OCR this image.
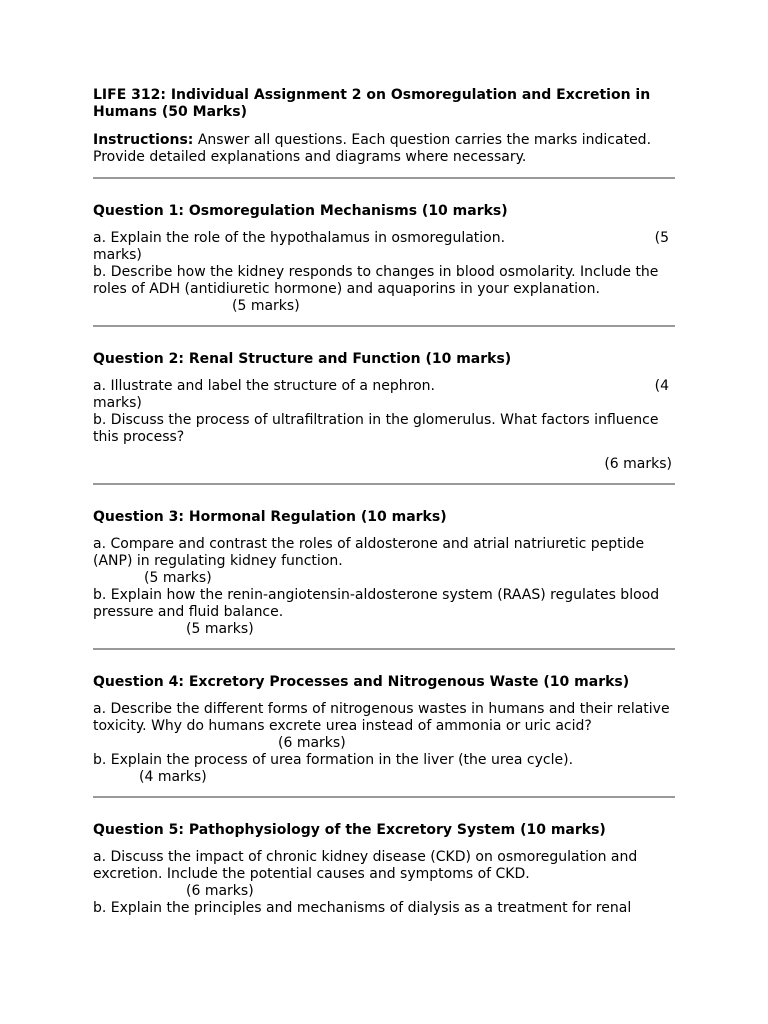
LIFE 312: Individual Assignment 2 on Osmoregulation and Excretion in Humans (50 Marks)

Instructions: Answer all questions. Each question carries the marks indicated. Provide detailed explanations and diagrams where necessary.

Question 1: Osmoregulation Mechanisms (10 marks)

a. Explain the role of the hypothalamus in osmoregulation.	(5

marks)

b. Describe how the kidney responds to changes in blood osmolarity. Include the roles of ADH (antidiuretic hormone) and aquaporins in your explanation.

(5 marks)

Question 2: Renal Structure and Function (10 marks)

a. Illustrate and label the structure of a nephron.	(4

marks)

b. Discuss the process of ultrafiltration in the glomerulus. What factors influence this process?

(6 marks)

Question 3: Hormonal Regulation (10 marks)

a. Compare and contrast the roles of aldosterone and atrial natriuretic peptide (ANP) in regulating kidney function.

(5 marks)

b. Explain how the renin-angiotensin-aldosterone system (RAAS) regulates blood pressure and fluid balance.

(5 marks)

Question 4: Excretory Processes and Nitrogenous Waste (10 marks)

a. Describe the different forms of nitrogenous wastes in humans and their relative toxicity. Why do humans excrete urea instead of ammonia or uric acid?

(6 marks)

b. Explain the process of urea formation in the liver (the urea cycle).

(4 marks)

Question 5: Pathophysiology of the Excretory System (10 marks)

a. Discuss the impact of chronic kidney disease (CKD) on osmoregulation and excretion. Include the potential causes and symptoms of CKD.

(6 marks)

b. Explain the principles and mechanisms of dialysis as a treatment for renal
